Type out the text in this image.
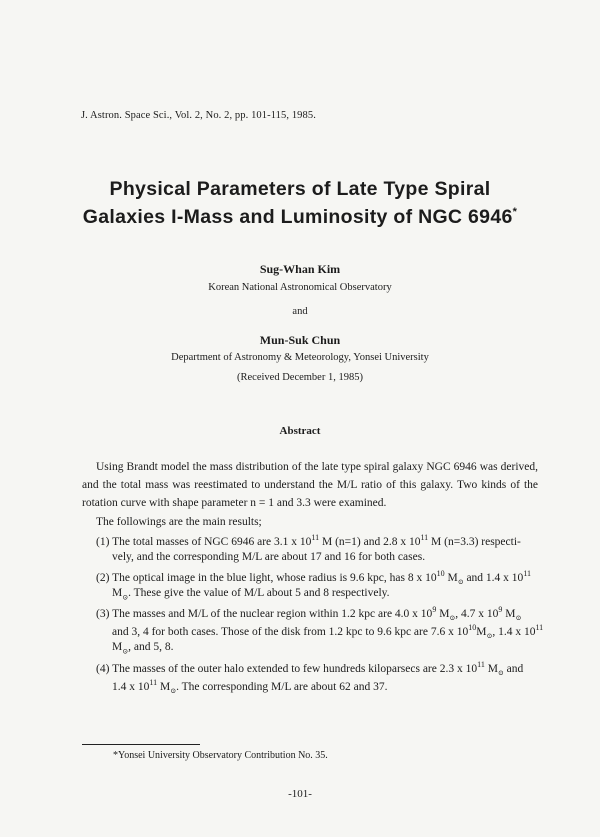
J. Astron. Space Sci., Vol. 2, No. 2, pp. 101-115, 1985.
Physical Parameters of Late Type Spiral
Galaxies I-Mass and Luminosity of NGC 6946*
Sug-Whan Kim
Korean National Astronomical Observatory
and
Mun-Suk Chun
Department of Astronomy & Meteorology, Yonsei University
(Received December 1, 1985)
Abstract
Using Brandt model the mass distribution of the late type spiral galaxy NGC 6946 was derived, and the total mass was reestimated to understand the M/L ratio of this galaxy. Two kinds of the rotation curve with shape parameter n = 1 and 3.3 were examined.
The followings are the main results;
(1) The total masses of NGC 6946 are 3.1 x $10^{11}$ M (n=1) and 2.8 x $10^{11}$ M (n=3.3) respecti-
vely, and the corresponding M/L are about 17 and 16 for both cases.
(2) The optical image in the blue light, whose radius is 9.6 kpc, has 8 x $10^{10}$ $M_⊙$ and 1.4 x $10^{11}$
$M_⊙$. These give the value of M/L about 5 and 8 respectively.
(3) The masses and M/L of the nuclear region within 1.2 kpc are 4.0 x $10^9$ $M_⊙$, 4.7 x $10^9$ $M_⊙$
and 3, 4 for both cases. Those of the disk from 1.2 kpc to 9.6 kpc are 7.6 x $10^{10}M_⊙$, 1.4 x $10^{11}$
$M_⊙$, and 5, 8.
(4) The masses of the outer halo extended to few hundreds kiloparsecs are 2.3 x $10^{11}$ $M_⊙$ and
1.4 x $10^{11}$ $M_⊙$. The corresponding M/L are about 62 and 37.
*Yonsei University Observatory Contribution No. 35.
-101-
